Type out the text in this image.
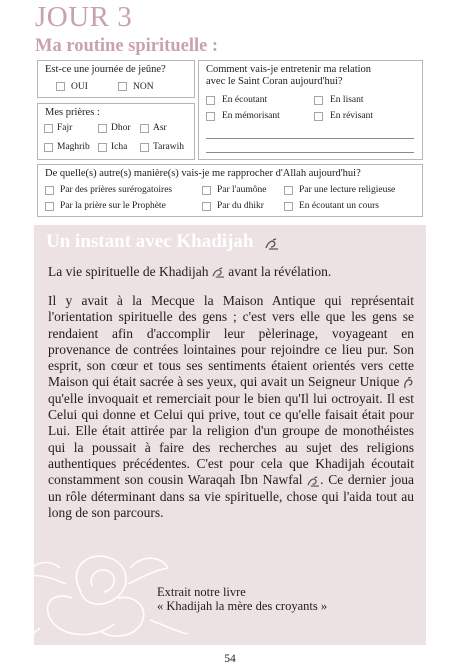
JOUR 3
Ma routine spirituelle :
Est-ce une journée de jeûne?
OUI	NON
Mes prières :
Fajr	Dhor Asr
Maghrib Icha	Tarawih
Comment vais-je entretenir ma relation
avec le Saint Coran aujourd'hui?
En écoutant	En lisant
En mémorisant	En révisant
De quelle(s) autre(s) manière(s) vais-je me rapprocher d'Allah aujourd'hui?
Par des prières surérogatoires	Par l'aumône	Par une lecture religieuse
Par la prière sur le Prophète	Par du dhikr	En écoutant un cours
Un instant avec Khadijah
La vie spirituelle de Khadijah avant la révélation.
Il y avait à la Mecque la Maison Antique qui représentait l'orientation spirituelle des gens ; c'est vers elle que les gens se rendaient afin d'accomplir leur pèlerinage, voyageant en provenance de contrées lointaines pour rejoindre ce lieu pur. Son esprit, son cœur et tous ses sentiments étaient orientés vers cette Maison qui était sacrée à ses yeux, qui avait un Seigneur Unique  qu'elle invoquait et remerciait pour le bien qu'Il lui octroyait. Il est Celui qui donne et Celui qui prive, tout ce qu'elle faisait était pour Lui. Elle était attirée par la religion d'un groupe de monothéistes qui la poussait à faire des recherches au sujet des religions authentiques précédentes. C'est pour cela que Khadijah écoutait constamment son cousin Waraqah Ibn Nawfal . Ce dernier joua un rôle déterminant dans sa vie spirituelle, chose qui l'aida tout au long de son parcours.
Extrait notre livre
« Khadijah la mère des croyants »
54
